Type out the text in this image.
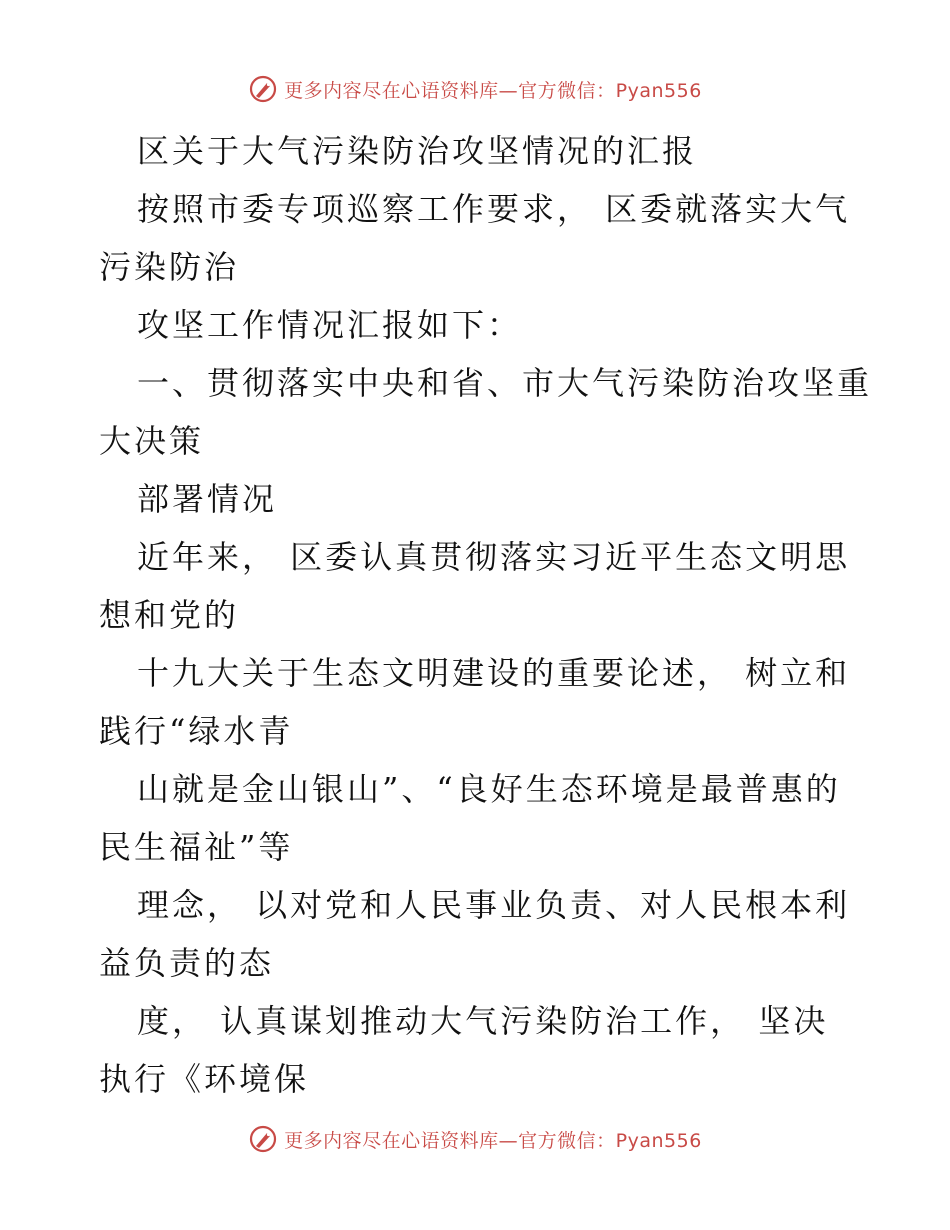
更多内容尽在心语资料库—官方微信：Pyan556
区关于大气污染防治攻坚情况的汇报
按照市委专项巡察工作要求， 区委就落实大气
污染防治
攻坚工作情况汇报如下：
一、贯彻落实中央和省、市大气污染防治攻坚重
大决策
部署情况
近年来， 区委认真贯彻落实习近平生态文明思
想和党的
十九大关于生态文明建设的重要论述， 树立和
践行“绿水青
山就是金山银山”、“良好生态环境是最普惠的
民生福祉”等
理念， 以对党和人民事业负责、对人民根本利
益负责的态
度， 认真谋划推动大气污染防治工作， 坚决
执行《环境保
更多内容尽在心语资料库—官方微信：Pyan556
